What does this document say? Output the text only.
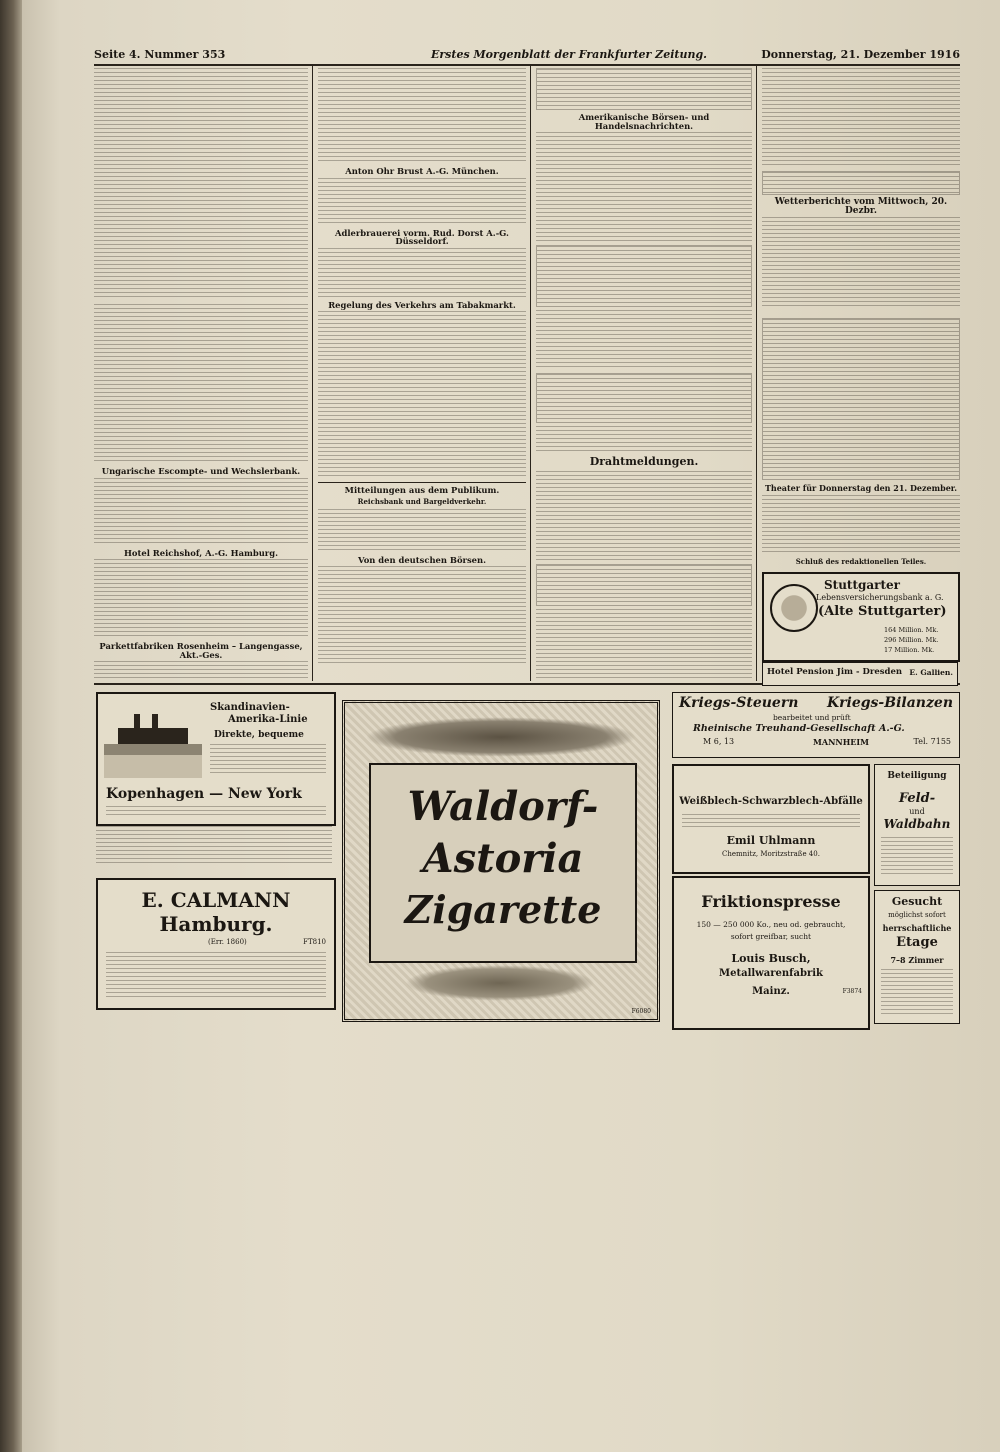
Seite 4. Nummer 353	Erstes Morgenblatt der Frankfurter Zeitung.	Donnerstag, 21. Dezember 1916
Ungarische Escompte- und Wechslerbank.
Hotel Reichshof, A.-G. Hamburg.
Parkettfabriken Rosenheim – Langengasse, Akt.-Ges.
Anton Ohr Brust A.-G. München.
Adlerbrauerei vorm. Rud. Dorst A.-G. Düsseldorf.
Regelung des Verkehrs am Tabakmarkt.
Mitteilungen aus dem Publikum.
Reichsbank und Bargeldverkehr.
Von den deutschen Börsen.
Amerikanische Börsen- und Handelsnachrichten.
Drahtmeldungen.
Wetterberichte vom Mittwoch, 20. Dezbr.
Theater für Donnerstag den 21. Dezember.
Schluß des redaktionellen Teiles.
Stuttgarter
Lebensversicherungsbank a. G.
(Alte Stuttgarter)
164 Million. Mk.
296 Million. Mk.
17 Million. Mk.
Hotel Pension Jim - Dresden E. Gallien.
Skandinavien-
Amerika-Linie
Direkte, bequeme
Kopenhagen — New York
E. CALMANN
Hamburg.
(Err. 1860)	FT810
Waldorf-
Astoria
Zigarette
F6080
Kriegs-Steuern Kriegs-Bilanzen
bearbeitet und prüft
Rheinische Treuhand-Gesellschaft A.-G.
M 6, 13	MANNHEIM	Tel. 7155
Weißblech-Schwarzblech-Abfälle
Emil Uhlmann
Chemnitz, Moritzstraße 40.
Beteiligung
Feld-
und
Waldbahn
Friktionspresse
150 — 250 000 Ko., neu od. gebraucht,
sofort greifbar, sucht
Louis Busch,
Metallwarenfabrik
Mainz.	F3874
Gesucht
möglichst sofort
herrschaftliche
Etage
7–8 Zimmer
